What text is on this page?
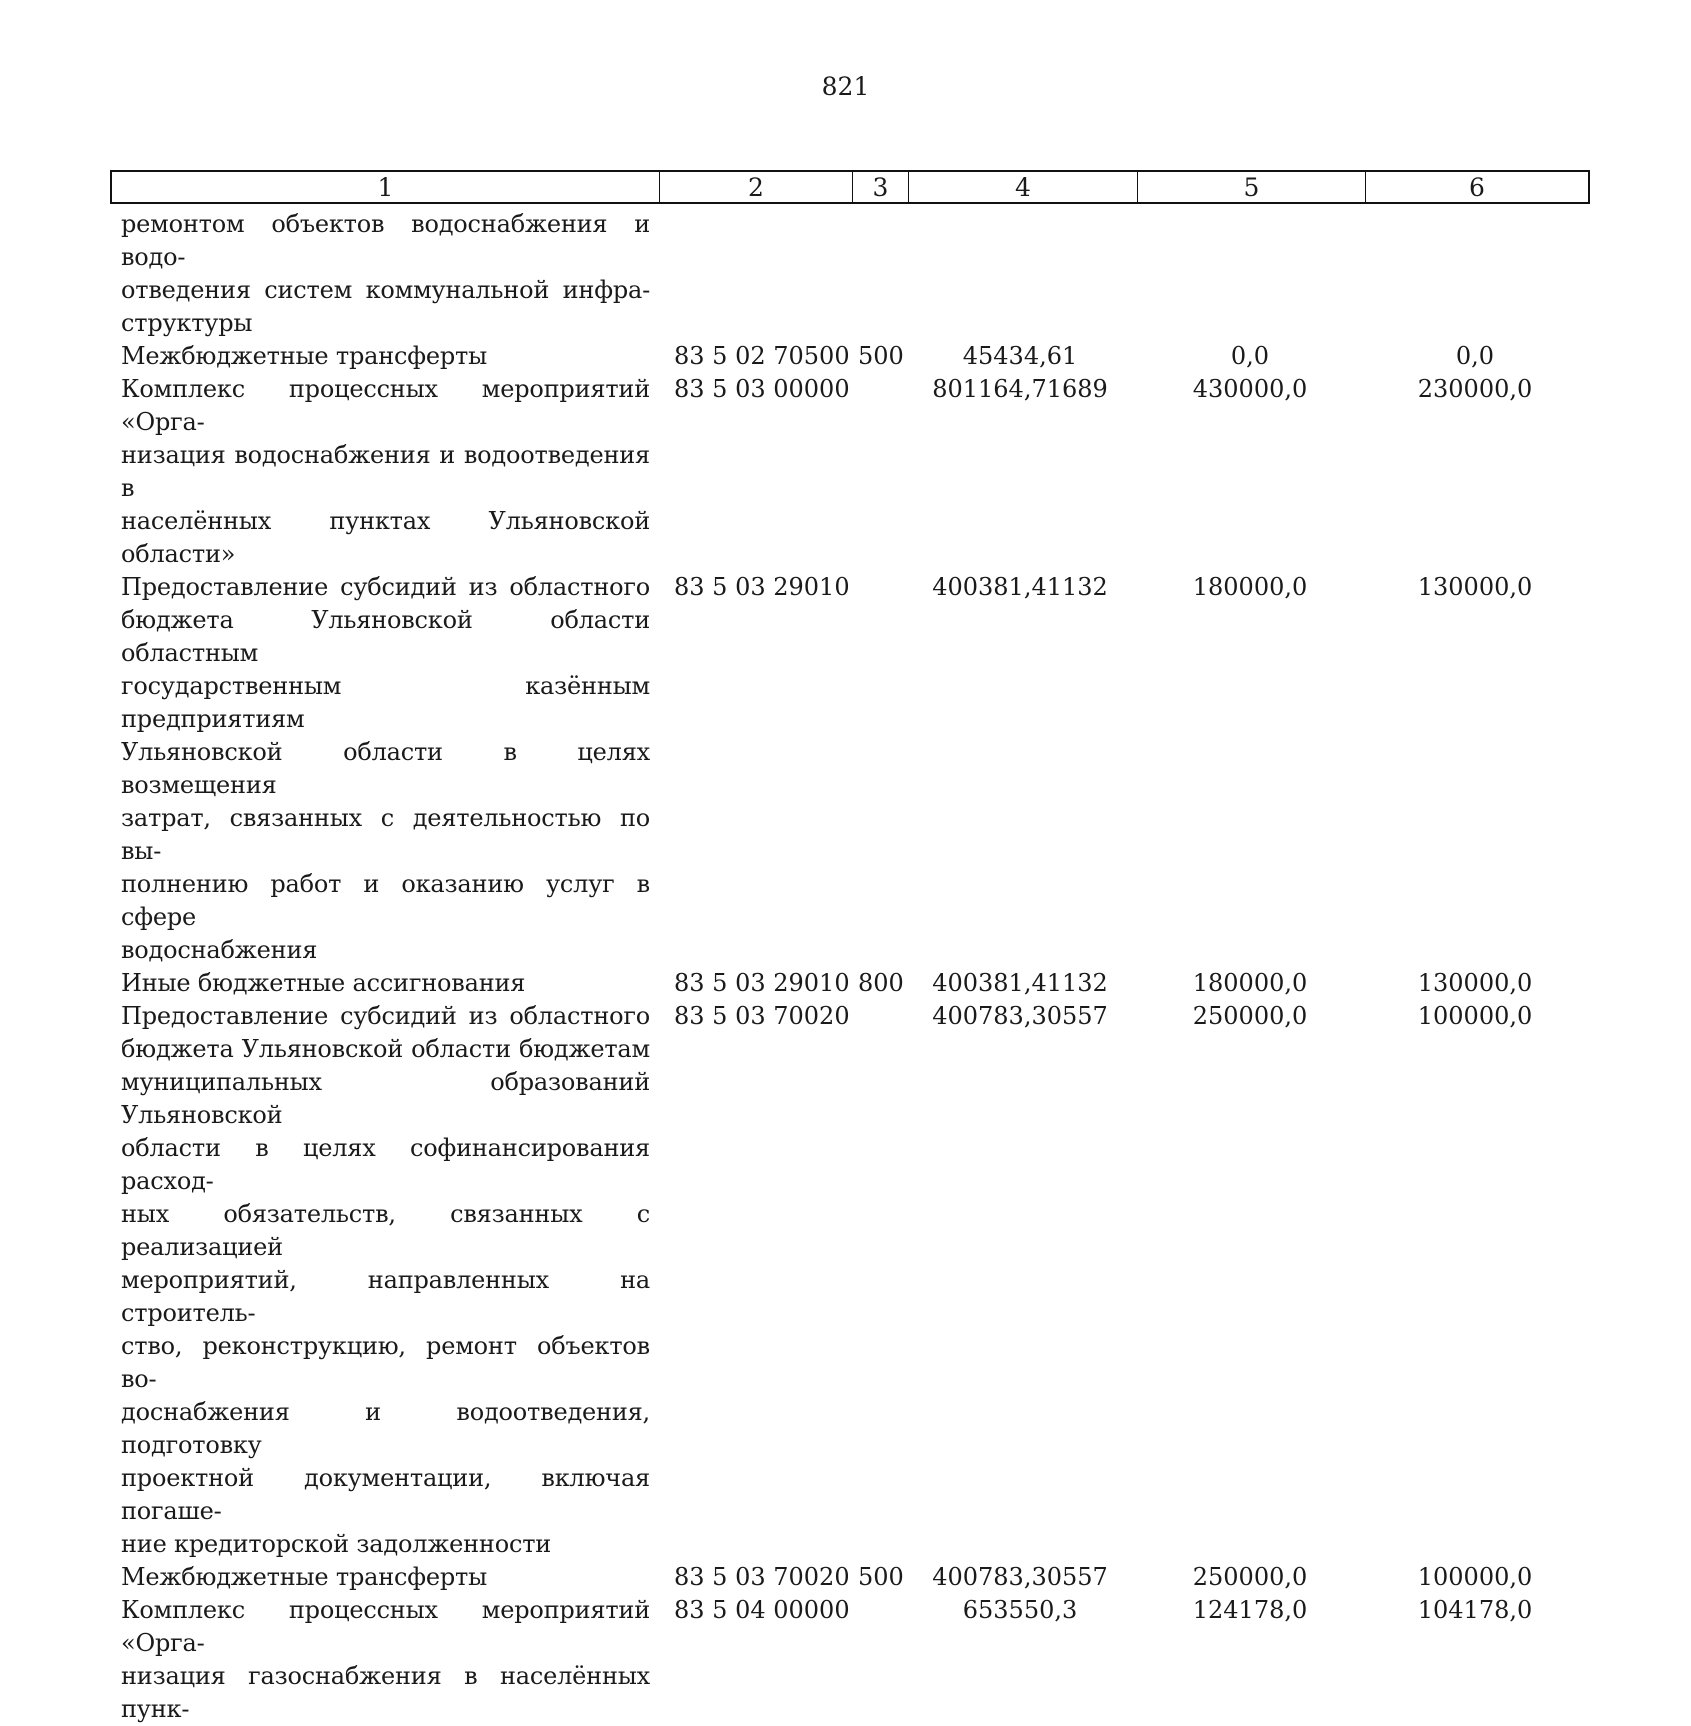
821
1	2	3	4	5	6
ремонтом объектов водоснабжения и водо-
отведения систем коммунальной инфра-
структуры
Межбюджетные трансферты	83 5 02 70500 500	45434,61	0,0	0,0
Комплекс процессных мероприятий «Орга-
низация водоснабжения и водоотведения в
населённых пунктах Ульяновской области»
83 5 03 00000	801164,71689	430000,0	230000,0
Предоставление субсидий из областного
бюджета Ульяновской области областным
государственным казённым предприятиям
Ульяновской области в целях возмещения
затрат, связанных с деятельностью по вы-
полнению работ и оказанию услуг в сфере
водоснабжения
83 5 03 29010	400381,41132	180000,0	130000,0
Иные бюджетные ассигнования	83 5 03 29010 800	400381,41132	180000,0	130000,0
Предоставление субсидий из областного
бюджета Ульяновской области бюджетам
муниципальных образований Ульяновской
области в целях софинансирования расход-
ных обязательств, связанных с реализацией
мероприятий, направленных на строитель-
ство, реконструкцию, ремонт объектов во-
доснабжения и водоотведения, подготовку
проектной документации, включая погаше-
ние кредиторской задолженности
83 5 03 70020	400783,30557	250000,0	100000,0
Межбюджетные трансферты	83 5 03 70020 500	400783,30557	250000,0	100000,0
Комплекс процессных мероприятий «Орга-
низация газоснабжения в населённых пунк-
83 5 04 00000	653550,3	124178,0	104178,0
